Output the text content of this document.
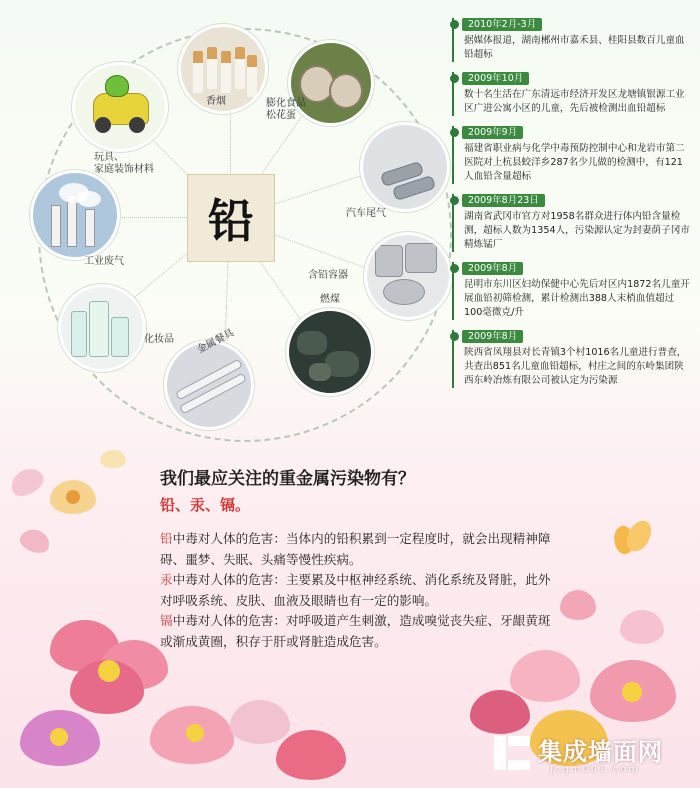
铅
香烟	膨化食品
松花蛋
汽车尾气
含铅容器
燃煤
金属餐具
化妆品
工业废气
玩具、
家庭装饰材料
2010年2月-3月
据媒体报道，湖南郴州市嘉禾县、桂阳县数百儿童血铅超标
2009年10月
数十名生活在广东清远市经济开发区龙塘镇银源工业区广进公寓小区的儿童，先后被检测出血铅超标
2009年9月
福建省职业病与化学中毒预防控制中心和龙岩市第二医院对上杭县蛟洋乡287名少儿做的检测中，有121人血铅含量超标
2009年8月23日
湖南省武冈市官方对1958名群众进行体内铅含量检测，超标人数为1354人，污染源认定为封妻荫子冈市精炼锰厂
2009年8月
昆明市东川区妇幼保健中心先后对区内1872名儿童开展血铅初筛检测，累计检测出388人末梢血值超过100毫微克/升
2009年8月
陕西省凤翔县对长青镇3个村1016名儿童进行普查，共查出851名儿童血铅超标，村庄之间的东岭集团陕西东岭冶炼有限公司被认定为污染源
我们最应关注的重金属污染物有？
铅、汞、镉。
铅中毒对人体的危害：当体内的铅积累到一定程度时，就会出现精神障碍、噩梦、失眠、头痛等慢性疾病。
汞中毒对人体的危害：主要累及中枢神经系统、消化系统及肾脏，此外对呼吸系统、皮肤、血液及眼睛也有一定的影响。
镉中毒对人体的危害：对呼吸道产生刺激，造成嗅觉丧失症、牙龈黄斑或渐成黄圈，积存于肝或肾脏造成危害。
集成墙面网
jcqm001.com
